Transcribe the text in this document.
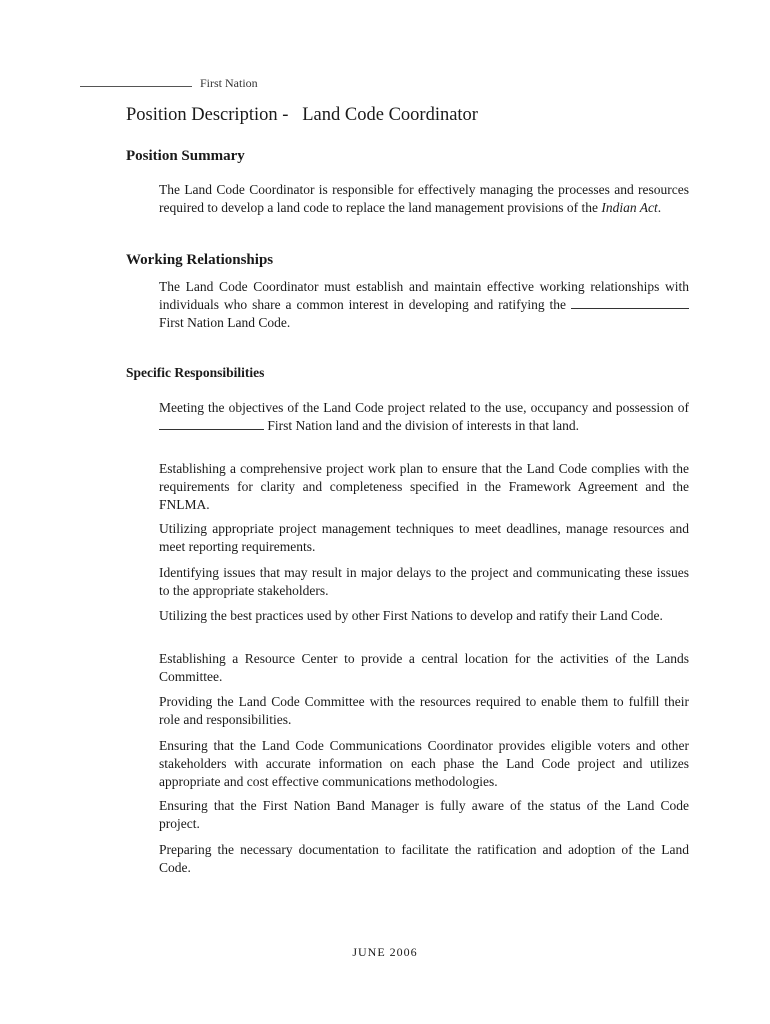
First Nation
Position Description -   Land Code Coordinator
Position Summary

The Land Code Coordinator is responsible for effectively managing the processes and resources required to develop a land code to replace the land management provisions of the Indian Act.

Working Relationships

The Land Code Coordinator must establish and maintain effective working relationships with individuals who share a common interest in developing and ratifying the  First Nation Land Code.

Specific Responsibilities

Meeting the objectives of the Land Code project related to the use, occupancy and possession of  First Nation land and the division of interests in that land.

Establishing a comprehensive project work plan to ensure that the Land Code complies with the requirements for clarity and completeness specified in the Framework Agreement and the FNLMA.

Utilizing appropriate project management techniques to meet deadlines, manage resources and meet reporting requirements.

Identifying issues that may result in major delays to the project and communicating these issues to the appropriate stakeholders.

Utilizing the best practices used by other First Nations to develop and ratify their Land Code.

Establishing a Resource Center to provide a central location for the activities of the Lands Committee.

Providing the Land Code Committee with the resources required to enable them to fulfill their role and responsibilities.

Ensuring that the Land Code Communications Coordinator provides eligible voters and other stakeholders with accurate information on each phase the Land Code project and utilizes appropriate and cost effective communications methodologies.

Ensuring that the First Nation Band Manager is fully aware of the status of the Land Code project.

Preparing the necessary documentation to facilitate the ratification and adoption of the Land Code.

JUNE 2006
